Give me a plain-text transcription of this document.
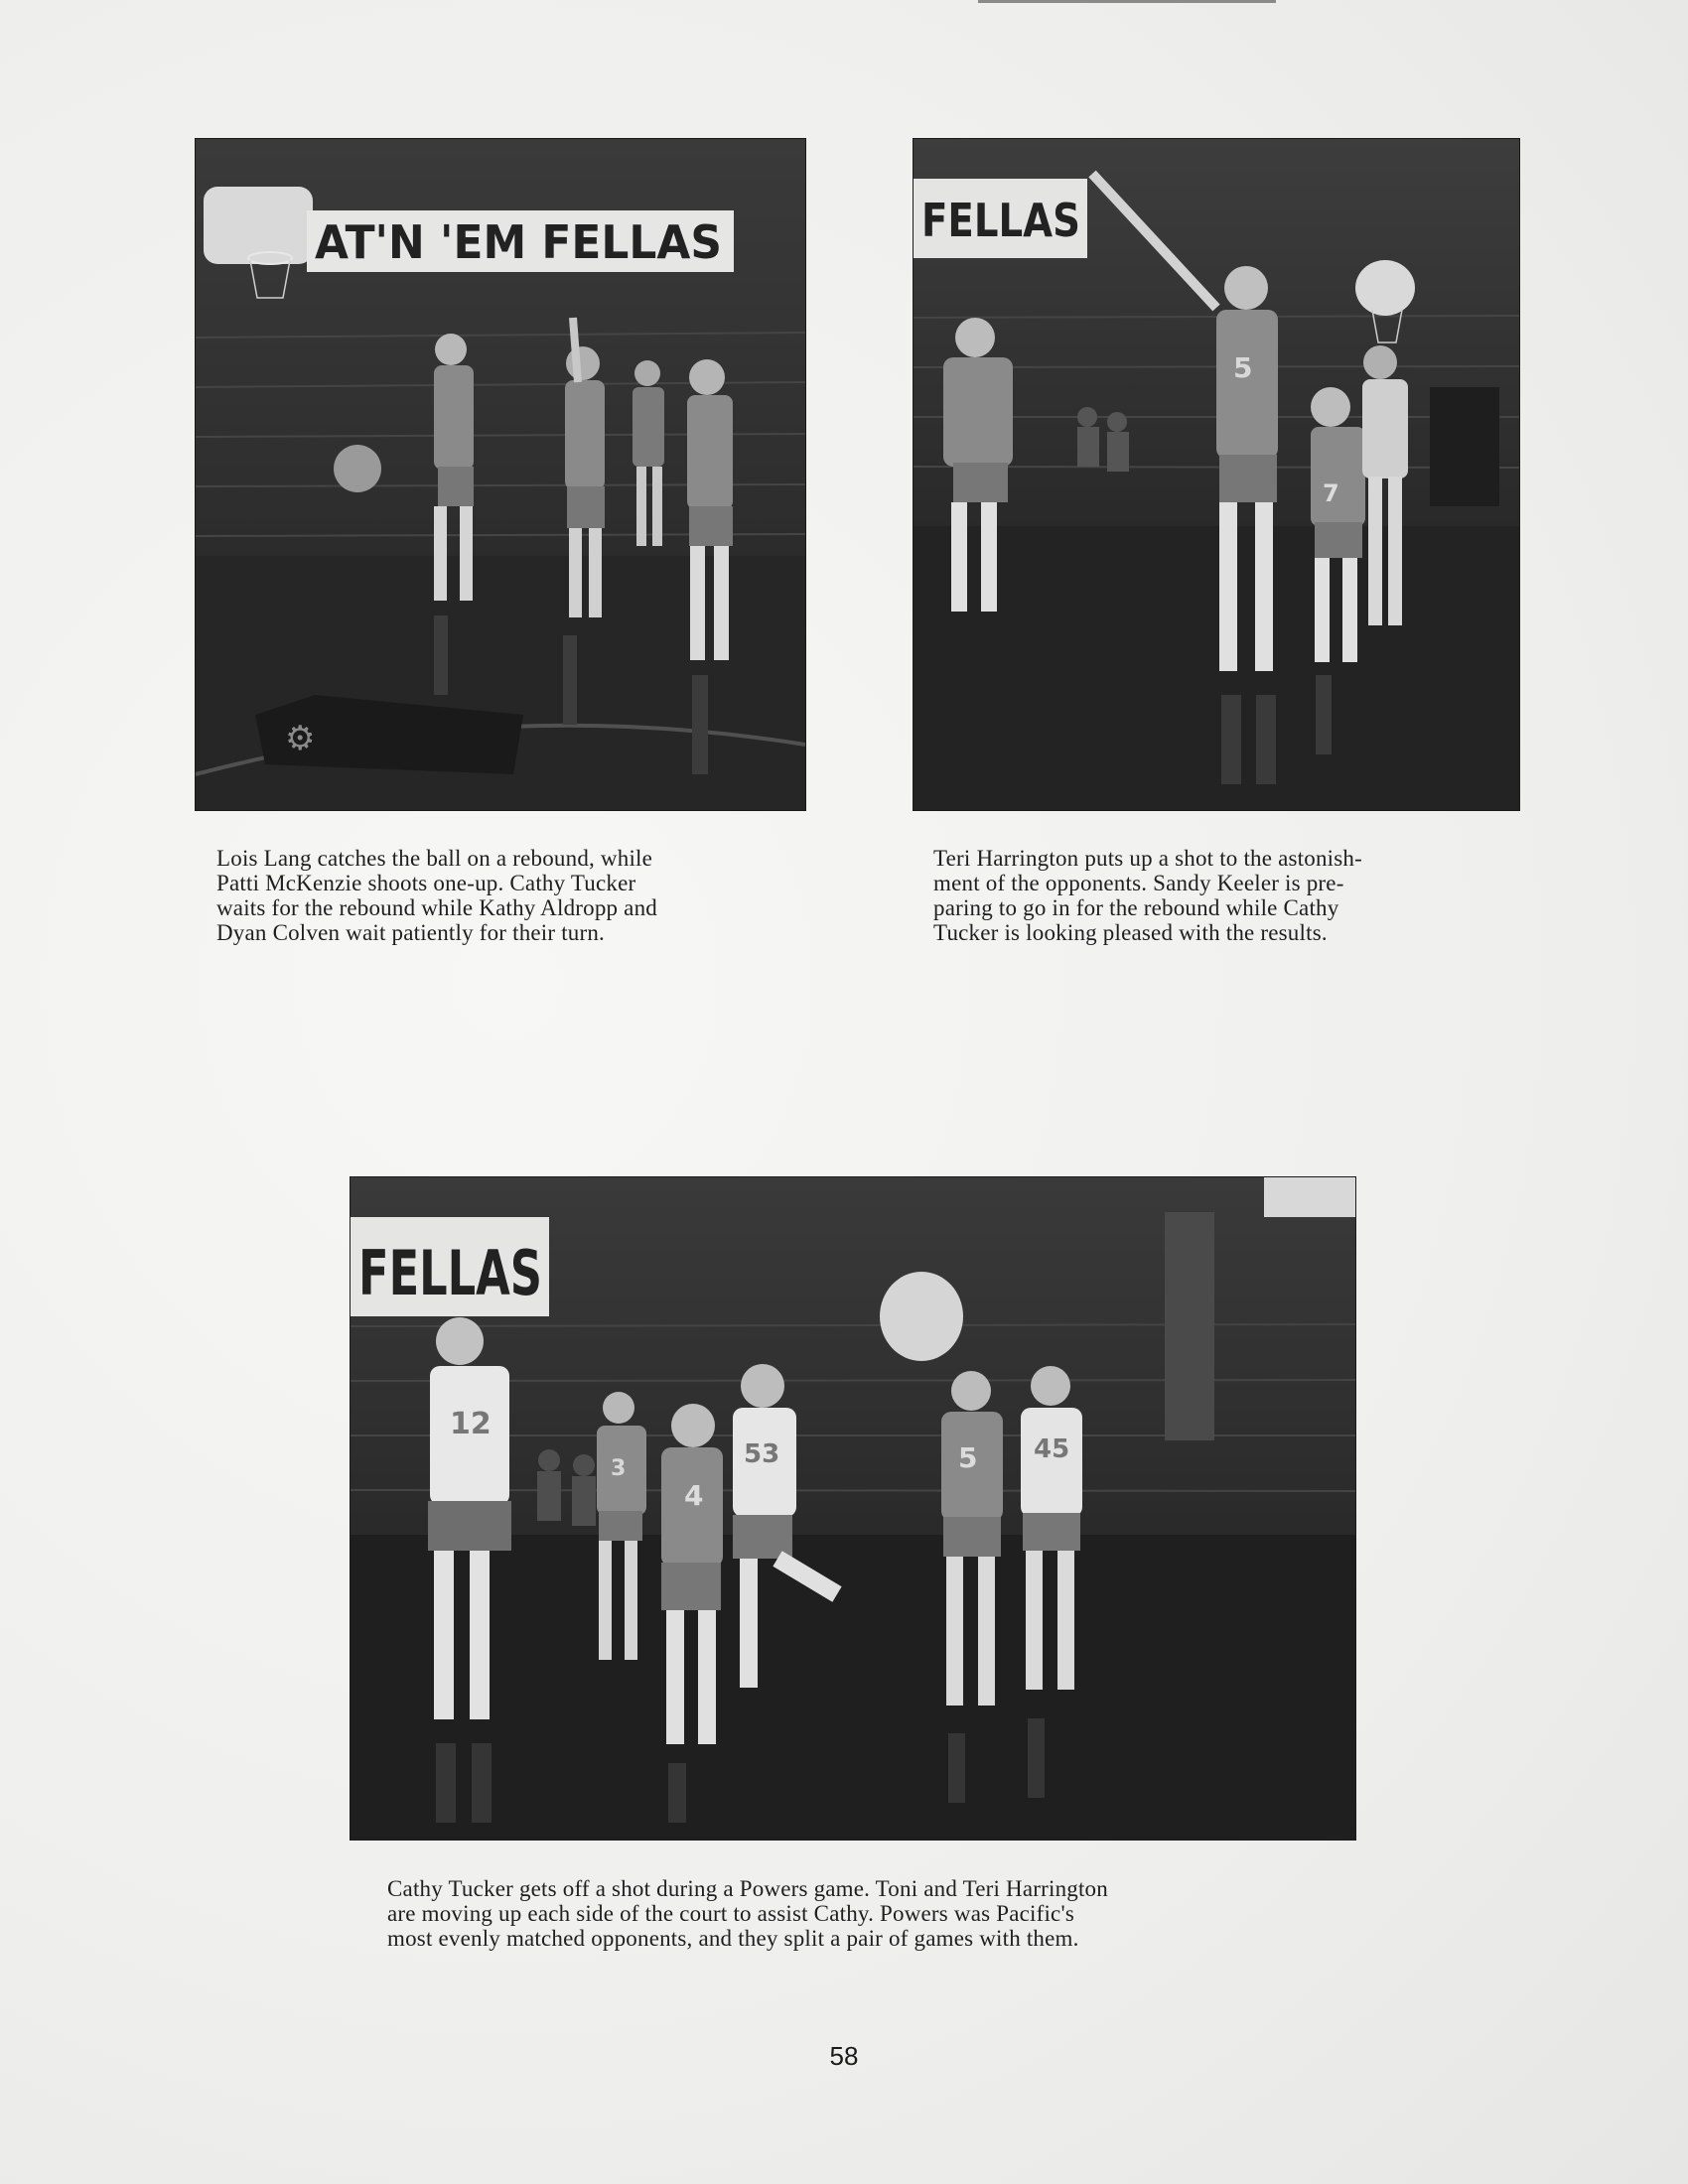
AT'N 'EM FELLAS
⚙
FELLAS
5
7
Lois Lang catches the ball on a rebound, while
Patti McKenzie shoots one-up. Cathy Tucker
waits for the rebound while Kathy Aldropp and
Dyan Colven wait patiently for their turn.
Teri Harrington puts up a shot to the astonish-
ment of the opponents. Sandy Keeler is pre-
paring to go in for the rebound while Cathy
Tucker is looking pleased with the results.
FELLAS
12
3
4
53	5 45
Cathy Tucker gets off a shot during a Powers game. Toni and Teri Harrington
are moving up each side of the court to assist Cathy. Powers was Pacific's
most evenly matched opponents, and they split a pair of games with them.
58
